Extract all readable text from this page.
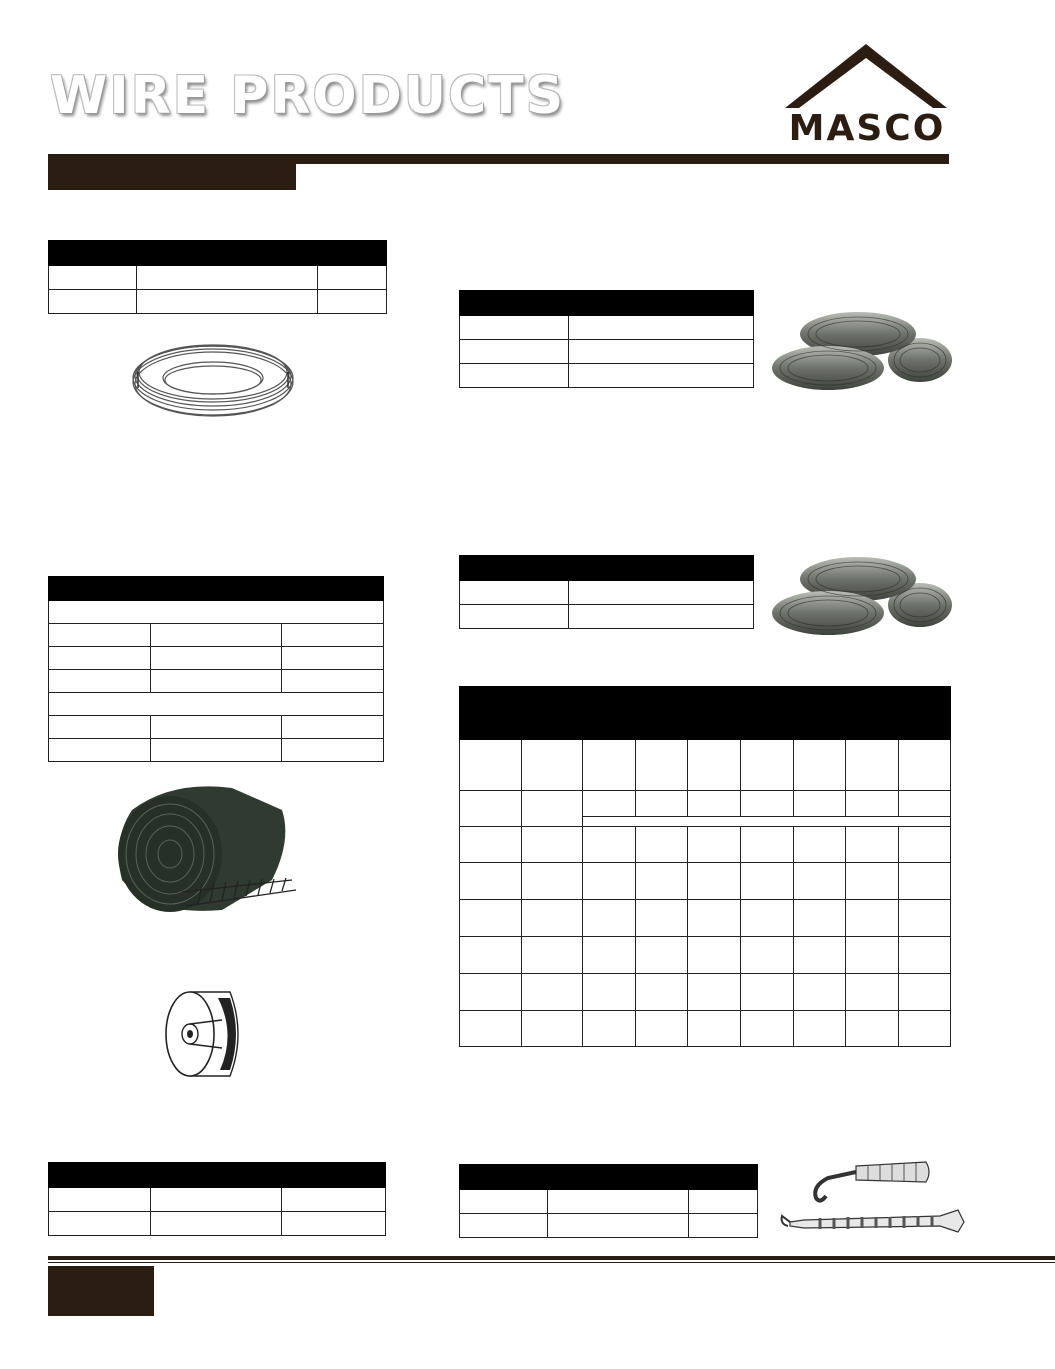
WIRE PRODUCTS
MASCO
